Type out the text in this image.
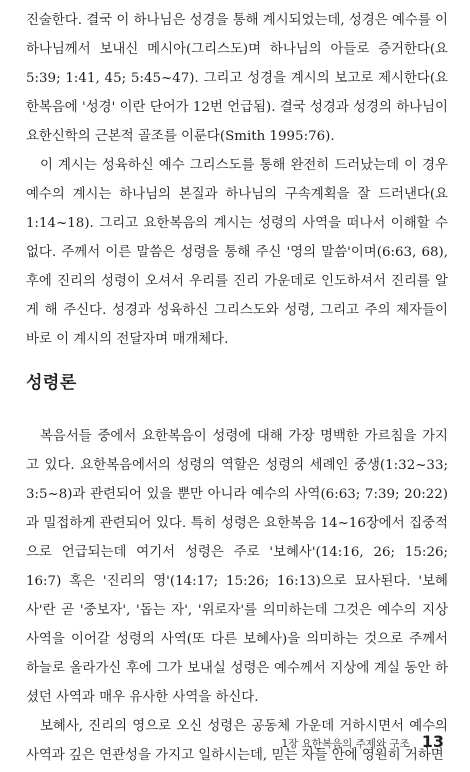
진술한다. 결국 이 하나님은 성경을 통해 계시되었는데, 성경은 예수를 이 하나님께서 보내신 메시아(그리스도)며 하나님의 아들로 증거한다(요 5:39; 1:41, 45; 5:45~47). 그리고 성경을 계시의 보고로 제시한다(요한복음에 '성경' 이란 단어가 12번 언급됨). 결국 성경과 성경의 하나님이 요한신학의 근본적 골조를 이룬다(Smith 1995:76).

이 계시는 성육하신 예수 그리스도를 통해 완전히 드러났는데 이 경우 예수의 계시는 하나님의 본질과 하나님의 구속계획을 잘 드러낸다(요 1:14~18). 그리고 요한복음의 계시는 성령의 사역을 떠나서 이해할 수 없다. 주께서 이른 말씀은 성령을 통해 주신 '영의 말씀'이며(6:63, 68), 후에 진리의 성령이 오셔서 우리를 진리 가운데로 인도하셔서 진리를 알게 해 주신다. 성경과 성육하신 그리스도와 성령, 그리고 주의 제자들이 바로 이 계시의 전달자며 매개체다.

성령론

복음서들 중에서 요한복음이 성령에 대해 가장 명백한 가르침을 가지고 있다. 요한복음에서의 성령의 역할은 성령의 세례인 중생(1:32~33; 3:5~8)과 관련되어 있을 뿐만 아니라 예수의 사역(6:63; 7:39; 20:22)과 밀접하게 관련되어 있다. 특히 성령은 요한복음 14~16장에서 집중적으로 언급되는데 여기서 성령은 주로 '보혜사'(14:16, 26; 15:26; 16:7) 혹은 '진리의 영'(14:17; 15:26; 16:13)으로 묘사된다. '보혜사'란 곧 '중보자', '돕는 자', '위로자'를 의미하는데 그것은 예수의 지상 사역을 이어갈 성령의 사역(또 다른 보혜사)을 의미하는 것으로 주께서 하늘로 올라가신 후에 그가 보내실 성령은 예수께서 지상에 계실 동안 하셨던 사역과 매우 유사한 사역을 하신다.

보혜사, 진리의 영으로 오신 성령은 공동체 가운데 거하시면서 예수의 사역과 깊은 연관성을 가지고 일하시는데, 믿는 자들 안에 영원히 거하면

1장 요한복음의 주제와 구조 13
